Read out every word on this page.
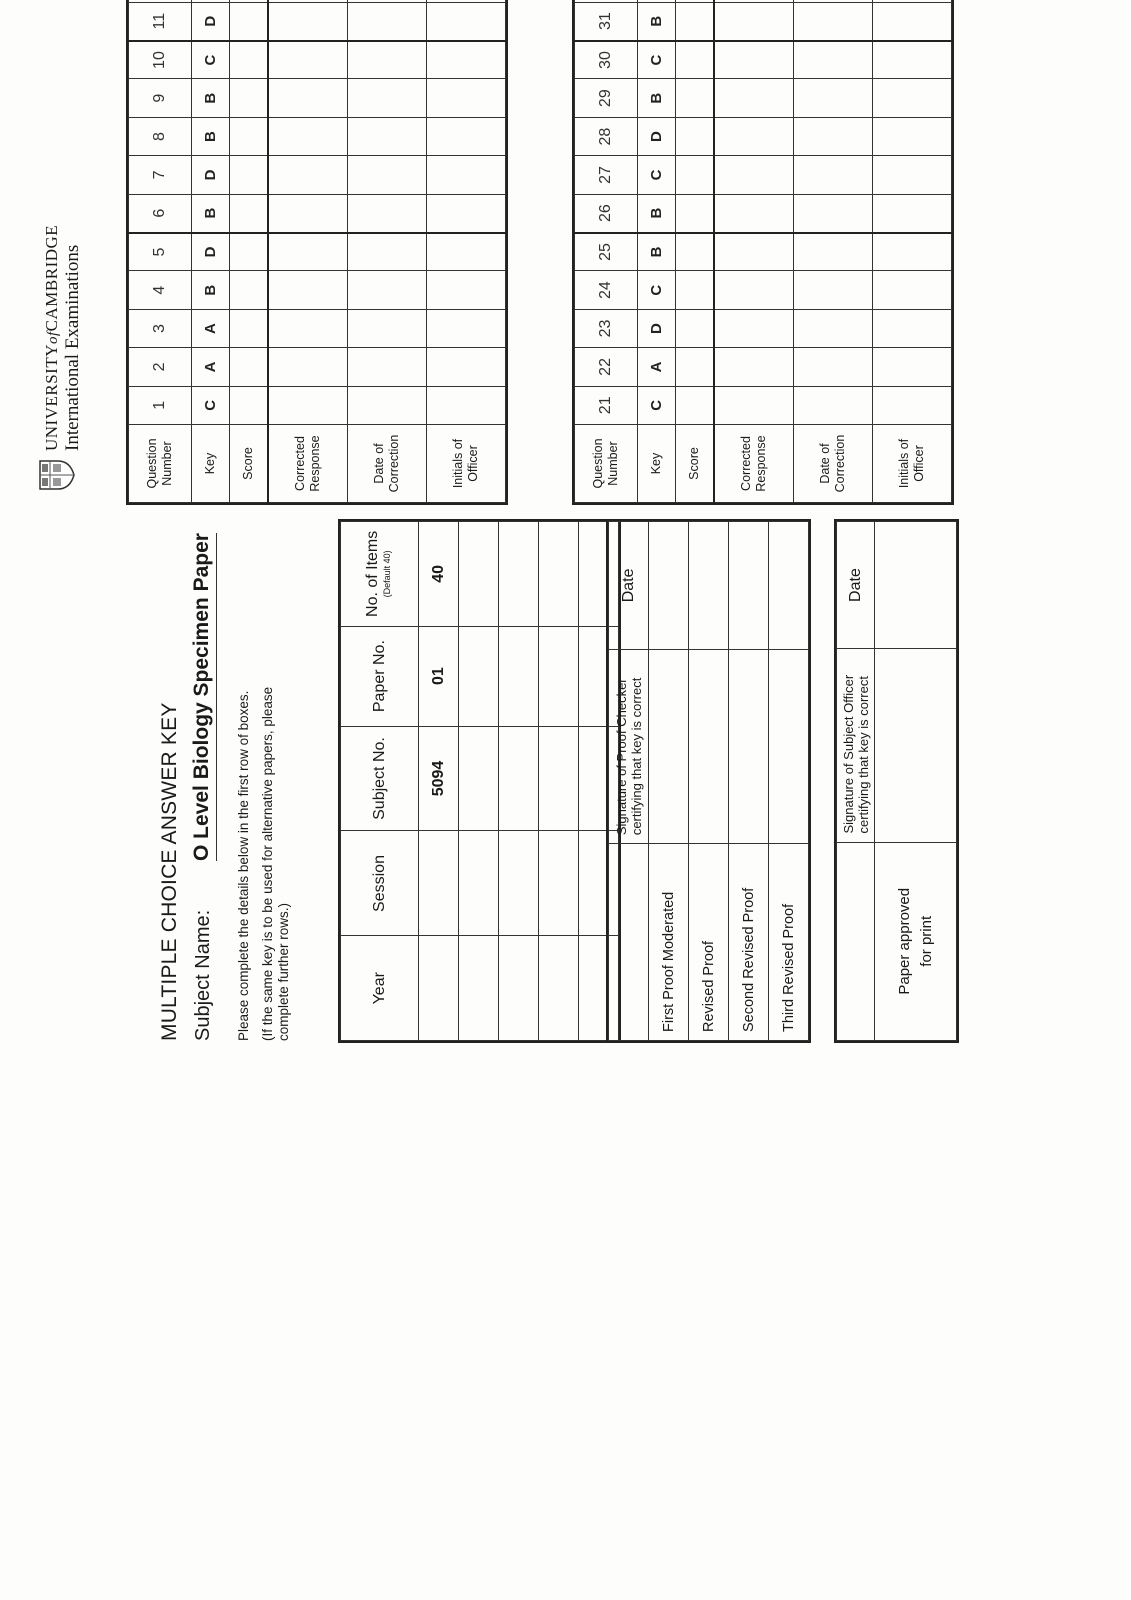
MULTIPLE CHOICE ANSWER KEY Subject Name:
O Level Biology Specimen Paper Please complete the details below in the first row of boxes. (If the same key is to be used for alternative papers, please complete further rows.)	Year	Session	Subject No.	Paper No.	No. of Items (Default 40)

		5094	01	40

	Signature of Proof Checker certifying that key is correct	Date
First Proof Moderated		
Revised Proof		
Second Revised Proof		
Third Revised Proof		
	Signature of Subject Officer certifying that key is correct	Date
Paper approved for print		
UNIVERSITYofCAMBRIDGE International Examinations
Question Number	1	2	3	4	5	6	7	8	9	10	11									

Key	C	A	A	B	D	B	D	B	B	C	D									

Score																				

Corrected Response																				

Date of Correction																				

Initials of Officer																				
																					Question Number	21	22	23	24	25	26	27	28	29	30	31									

Key	C	A	D	C	B	B	C	D	B	C	B									

Score																				

Corrected Response																				

Date of Correction																				

Initials of Officer																				
